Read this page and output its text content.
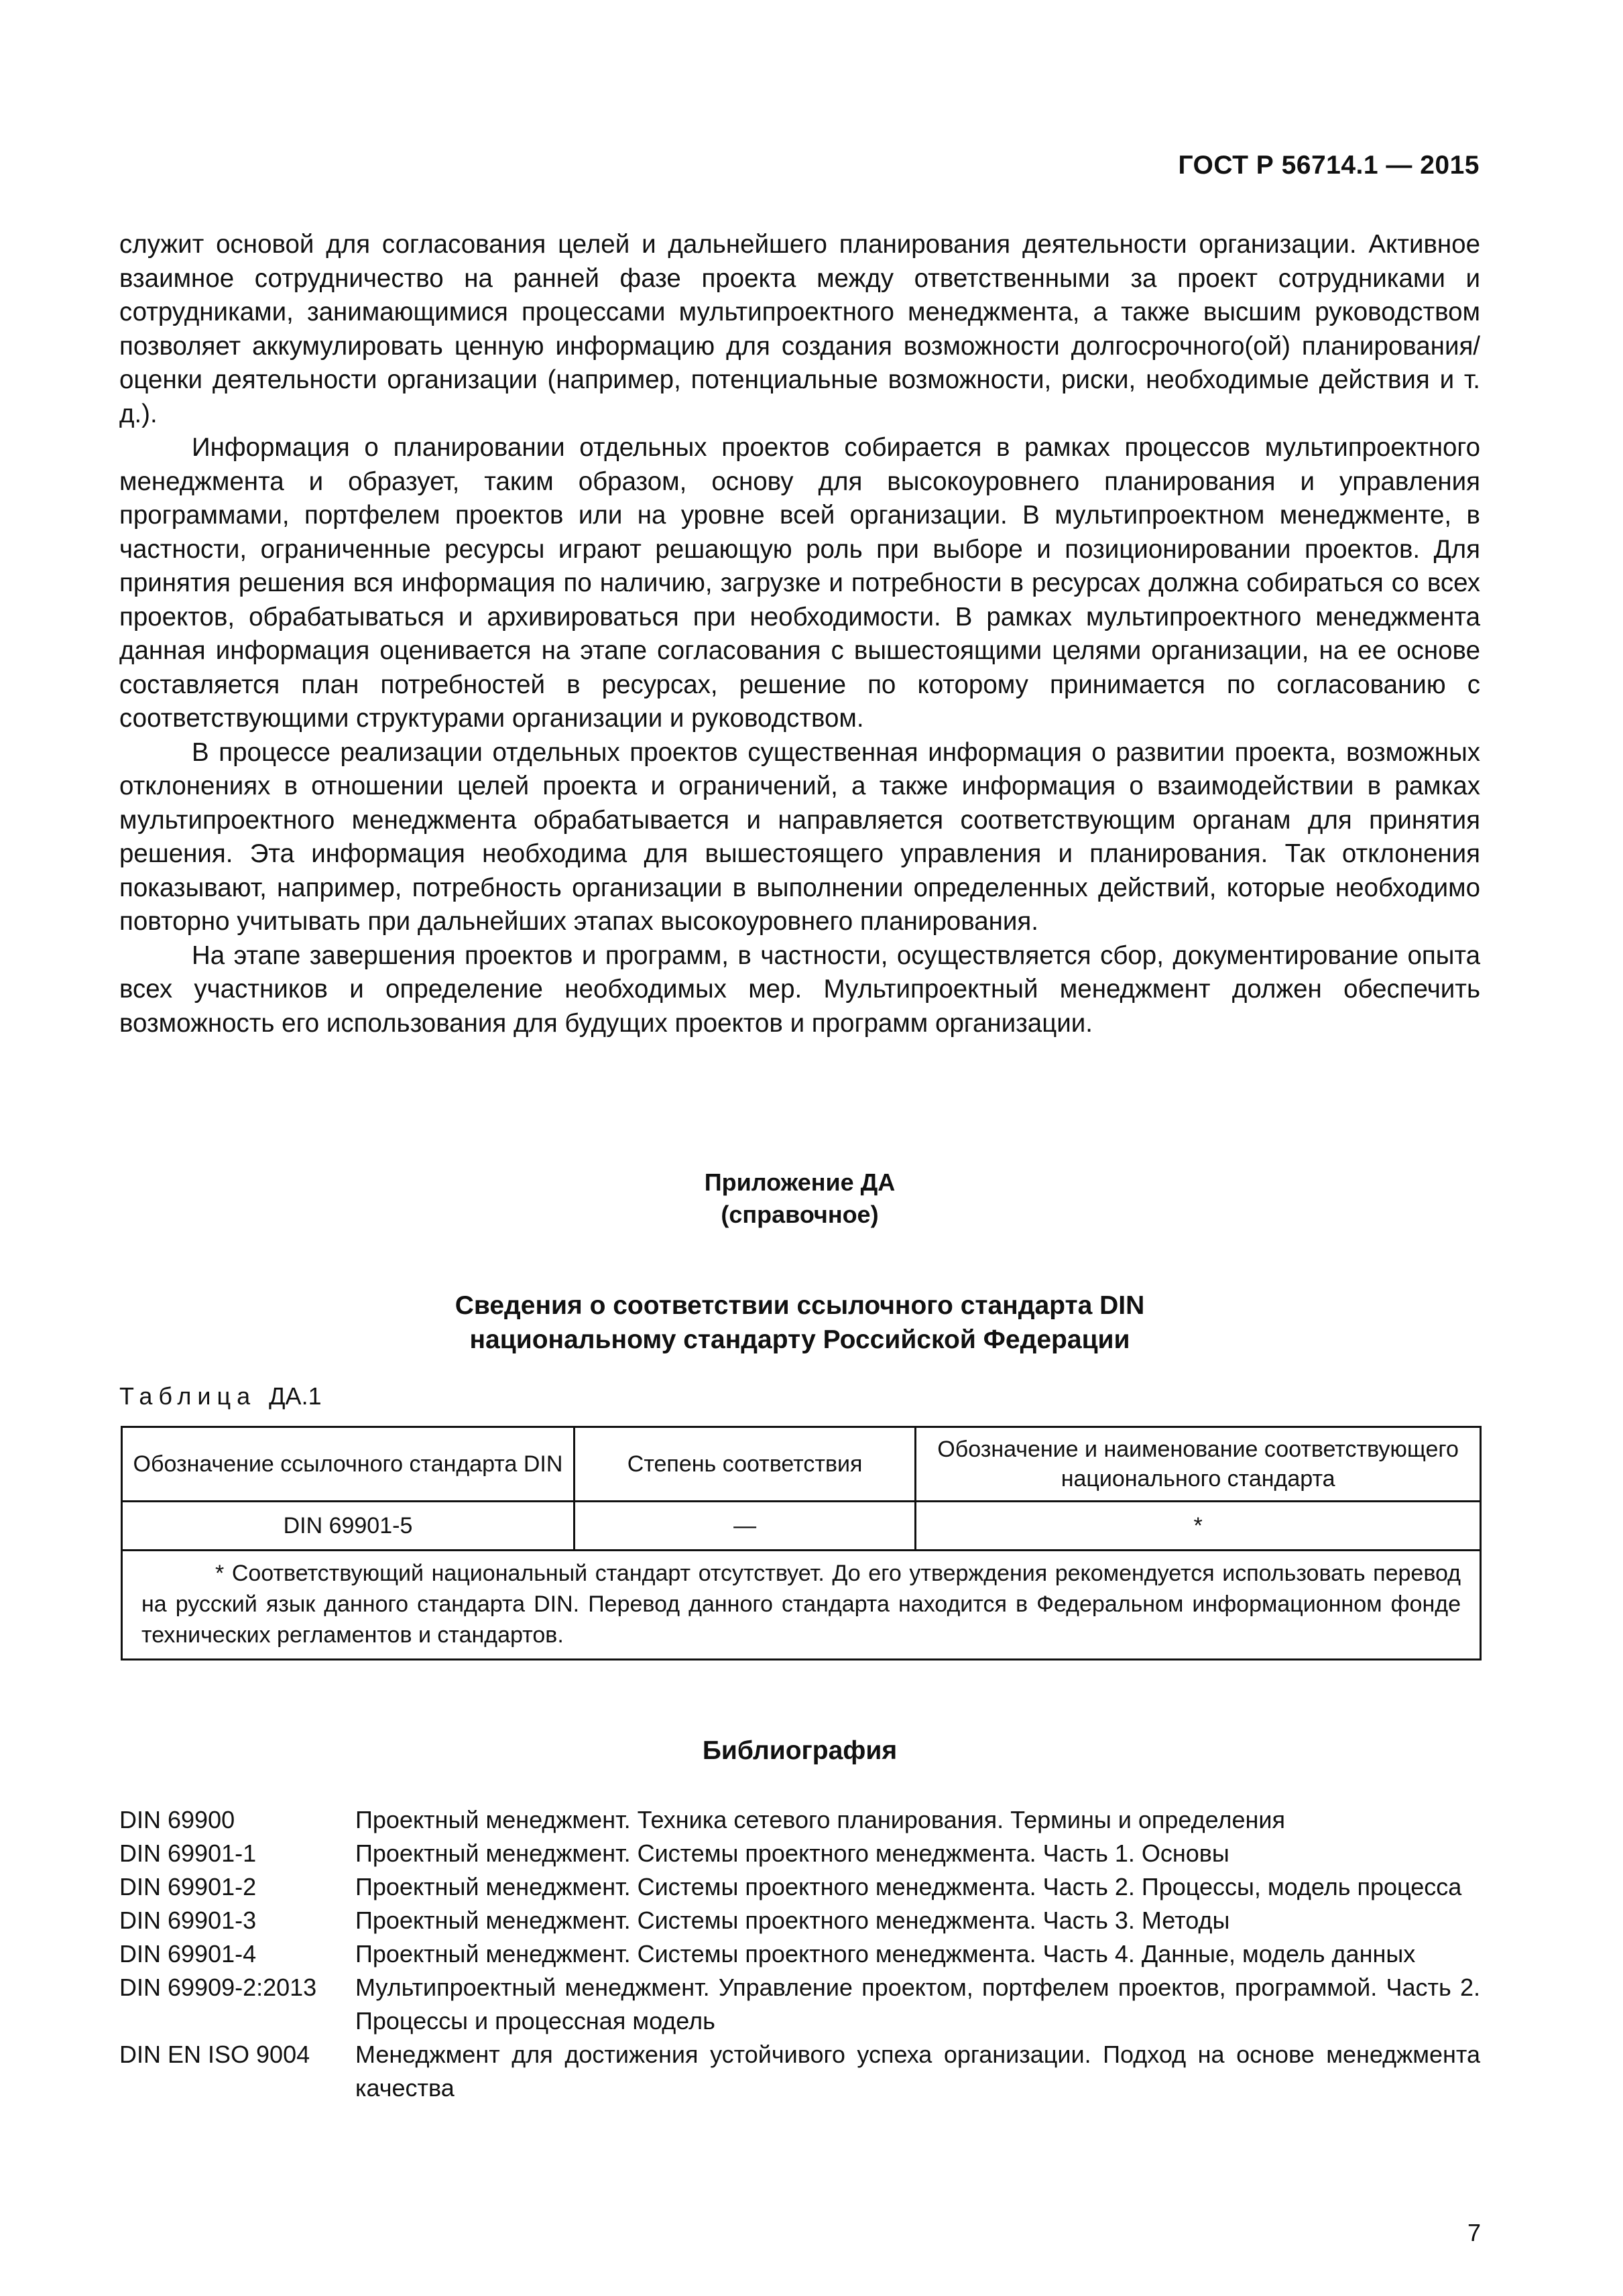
ГОСТ Р 56714.1 — 2015

служит основой для согласования целей и дальнейшего планирования деятельности организации. Активное взаимное сотрудничество на ранней фазе проекта между ответственными за проект сотрудниками и сотрудниками, занимающимися процессами мультипроектного менеджмента, а также высшим руководством позволяет аккумулировать ценную информацию для создания возможности долгосрочного(ой) планирования/оценки деятельности организации (например, потенциальные возможности, риски, необходимые действия и т. д.).

Информация о планировании отдельных проектов собирается в рамках процессов мультипроектного менеджмента и образует, таким образом, основу для высокоуровнего планирования и управления программами, портфелем проектов или на уровне всей организации. В мультипроектном менеджменте, в частности, ограниченные ресурсы играют решающую роль при выборе и позиционировании проектов. Для принятия решения вся информация по наличию, загрузке и потребности в ресурсах должна собираться со всех проектов, обрабатываться и архивироваться при необходимости. В рамках мультипроектного менеджмента данная информация оценивается на этапе согласования с вышестоящими целями организации, на ее основе составляется план потребностей в ресурсах, решение по которому принимается по согласованию с соответствующими структурами организации и руководством.

В процессе реализации отдельных проектов существенная информация о развитии проекта, возможных отклонениях в отношении целей проекта и ограничений, а также информация о взаимодействии в рамках мультипроектного менеджмента обрабатывается и направляется соответствующим органам для принятия решения. Эта информация необходима для вышестоящего управления и планирования. Так отклонения показывают, например, потребность организации в выполнении определенных действий, которые необходимо повторно учитывать при дальнейших этапах высокоуровнего планирования.

На этапе завершения проектов и программ, в частности, осуществляется сбор, документирование опыта всех участников и определение необходимых мер. Мультипроектный менеджмент должен обеспечить возможность его использования для будущих проектов и программ организации.

Приложение ДА
(справочное)
Сведения о соответствии ссылочного стандарта DIN
национальному стандарту Российской Федерации
Таблица ДА.1
Обозначение ссылочного стандарта DIN	Степень соответствия	Обозначение и наименование соответствующего национального стандарта
DIN 69901-5	—	*

* Соответствующий национальный стандарт отсутствует. До его утверждения рекомендуется использовать перевод на русский язык данного стандарта DIN. Перевод данного стандарта находится в Федеральном информационном фонде технических регламентов и стандартов.		
Библиография
DIN 69900	Проектный менеджмент. Техника сетевого планирования. Термины и определения
DIN 69901-1	Проектный менеджмент. Системы проектного менеджмента. Часть 1. Основы
DIN 69901-2	Проектный менеджмент. Системы проектного менеджмента. Часть 2. Процессы, модель процесса
DIN 69901-3	Проектный менеджмент. Системы проектного менеджмента. Часть 3. Методы
DIN 69901-4	Проектный менеджмент. Системы проектного менеджмента. Часть 4. Данные, модель данных
DIN 69909-2:2013	Мультипроектный менеджмент. Управление проектом, портфелем проектов, программой. Часть 2. Процессы и процессная модель
DIN EN ISO 9004	Менеджмент для достижения устойчивого успеха организации. Подход на основе менеджмента качества
7
